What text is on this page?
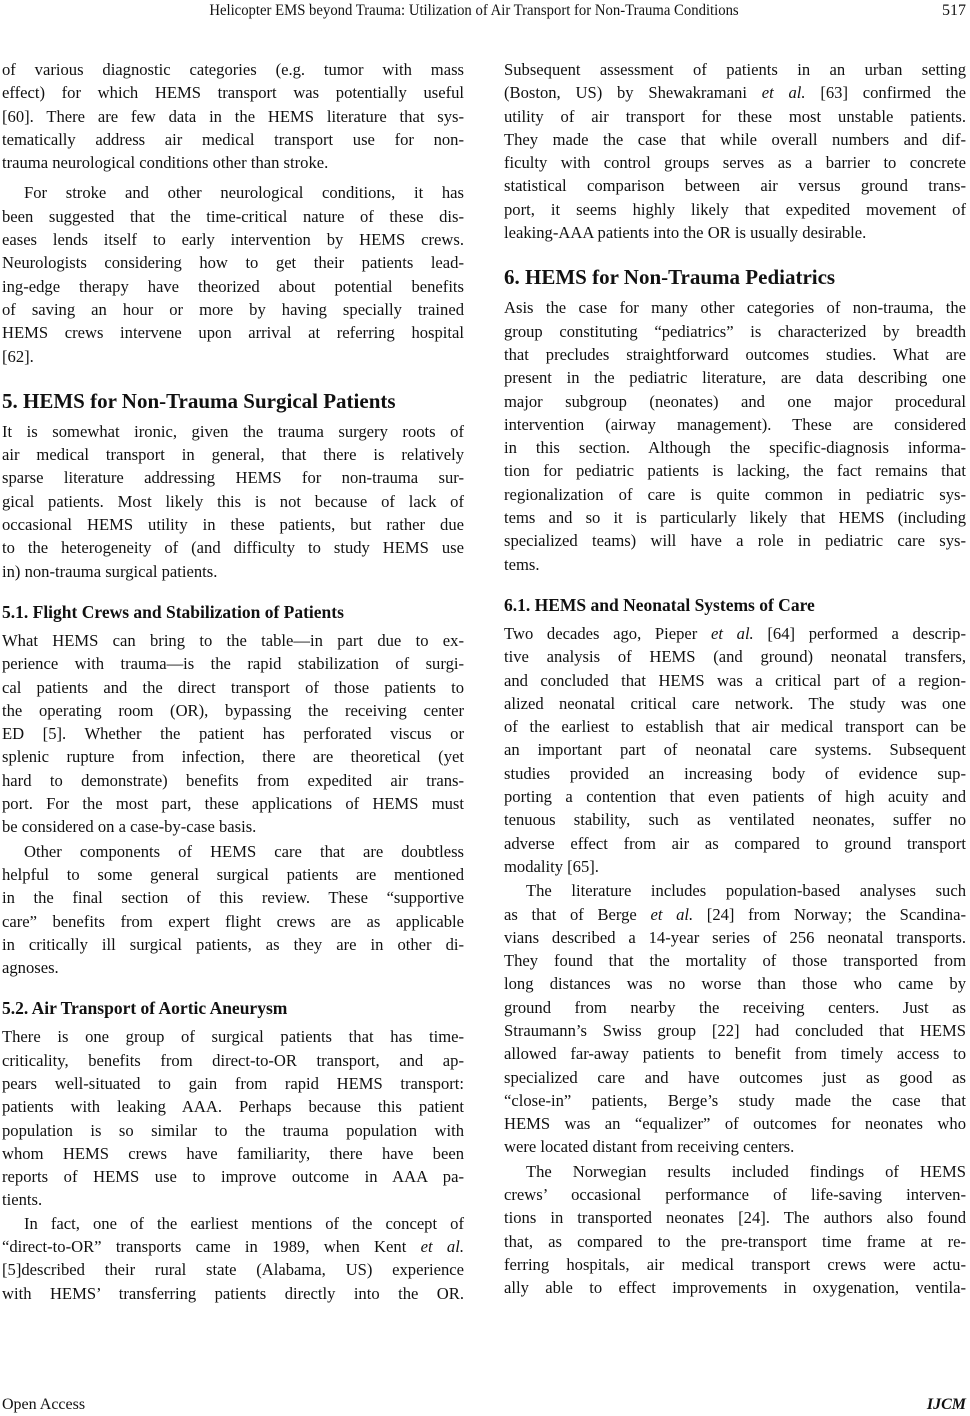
Helicopter EMS beyond Trauma: Utilization of Air Transport for Non-Trauma Conditions	517
of various diagnostic categories (e.g. tumor with mass
effect) for which HEMS transport was potentially useful
[60]. There are few data in the HEMS literature that sys-
tematically address air medical transport use for non-
trauma neurological conditions other than stroke.
For stroke and other neurological conditions, it has
been suggested that the time-critical nature of these dis-
eases lends itself to early intervention by HEMS crews.
Neurologists considering how to get their patients lead-
ing-edge therapy have theorized about potential benefits
of saving an hour or more by having specially trained
HEMS crews intervene upon arrival at referring hospital
[62].
5. HEMS for Non-Trauma Surgical Patients
It is somewhat ironic, given the trauma surgery roots of
air medical transport in general, that there is relatively
sparse literature addressing HEMS for non-trauma sur-
gical patients. Most likely this is not because of lack of
occasional HEMS utility in these patients, but rather due
to the heterogeneity of (and difficulty to study HEMS use
in) non-trauma surgical patients.
5.1. Flight Crews and Stabilization of Patients
What HEMS can bring to the table—in part due to ex-
perience with trauma—is the rapid stabilization of surgi-
cal patients and the direct transport of those patients to
the operating room (OR), bypassing the receiving center
ED [5]. Whether the patient has perforated viscus or
splenic rupture from infection, there are theoretical (yet
hard to demonstrate) benefits from expedited air trans-
port. For the most part, these applications of HEMS must
be considered on a case-by-case basis.
Other components of HEMS care that are doubtless
helpful to some general surgical patients are mentioned
in the final section of this review. These “supportive
care” benefits from expert flight crews are as applicable
in critically ill surgical patients, as they are in other di-
agnoses.
5.2. Air Transport of Aortic Aneurysm
There is one group of surgical patients that has time-
criticality, benefits from direct-to-OR transport, and ap-
pears well-situated to gain from rapid HEMS transport:
patients with leaking AAA. Perhaps because this patient
population is so similar to the trauma population with
whom HEMS crews have familiarity, there have been
reports of HEMS use to improve outcome in AAA pa-
tients.
In fact, one of the earliest mentions of the concept of
“direct-to-OR” transports came in 1989, when Kent et al.
[5]described their rural state (Alabama, US) experience
with HEMS’ transferring patients directly into the OR.
Subsequent assessment of patients in an urban setting
(Boston, US) by Shewakramani et al. [63] confirmed the
utility of air transport for these most unstable patients.
They made the case that while overall numbers and dif-
ficulty with control groups serves as a barrier to concrete
statistical comparison between air versus ground trans-
port, it seems highly likely that expedited movement of
leaking-AAA patients into the OR is usually desirable.
6. HEMS for Non-Trauma Pediatrics
Asis the case for many other categories of non-trauma, the
group constituting “pediatrics” is characterized by breadth
that precludes straightforward outcomes studies. What are
present in the pediatric literature, are data describing one
major subgroup (neonates) and one major procedural
intervention (airway management). These are considered
in this section. Although the specific-diagnosis informa-
tion for pediatric patients is lacking, the fact remains that
regionalization of care is quite common in pediatric sys-
tems and so it is particularly likely that HEMS (including
specialized teams) will have a role in pediatric care sys-
tems.
6.1. HEMS and Neonatal Systems of Care
Two decades ago, Pieper et al. [64] performed a descrip-
tive analysis of HEMS (and ground) neonatal transfers,
and concluded that HEMS was a critical part of a region-
alized neonatal critical care network. The study was one
of the earliest to establish that air medical transport can be
an important part of neonatal care systems. Subsequent
studies provided an increasing body of evidence sup-
porting a contention that even patients of high acuity and
tenuous stability, such as ventilated neonates, suffer no
adverse effect from air as compared to ground transport
modality [65].
The literature includes population-based analyses such
as that of Berge et al. [24] from Norway; the Scandina-
vians described a 14-year series of 256 neonatal transports.
They found that the mortality of those transported from
long distances was no worse than those who came by
ground from nearby the receiving centers. Just as
Straumann’s Swiss group [22] had concluded that HEMS
allowed far-away patients to benefit from timely access to
specialized care and have outcomes just as good as
“close-in” patients, Berge’s study made the case that
HEMS was an “equalizer” of outcomes for neonates who
were located distant from receiving centers.
The Norwegian results included findings of HEMS
crews’ occasional performance of life-saving interven-
tions in transported neonates [24]. The authors also found
that, as compared to the pre-transport time frame at re-
ferring hospitals, air medical transport crews were actu-
ally able to effect improvements in oxygenation, ventila-
Open Access	IJCM
